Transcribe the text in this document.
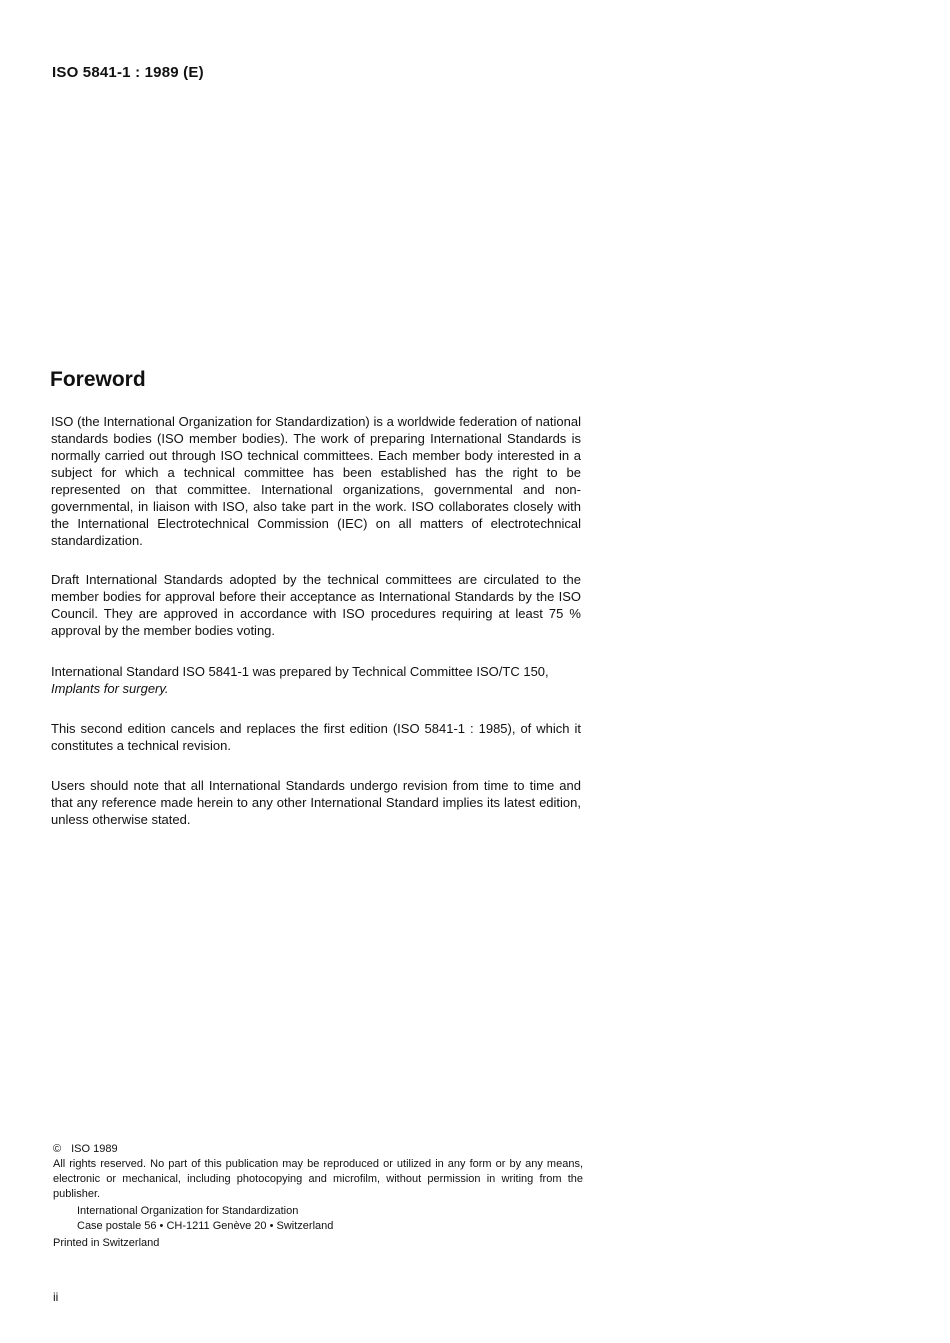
ISO 5841-1 : 1989 (E)
Foreword
ISO (the International Organization for Standardization) is a worldwide federation of national standards bodies (ISO member bodies). The work of preparing International Standards is normally carried out through ISO technical committees. Each member body interested in a subject for which a technical committee has been established has the right to be represented on that committee. International organizations, governmental and non-governmental, in liaison with ISO, also take part in the work. ISO collaborates closely with the International Electrotechnical Commission (IEC) on all matters of electrotechnical standardization.
Draft International Standards adopted by the technical committees are circulated to the member bodies for approval before their acceptance as International Standards by the ISO Council. They are approved in accordance with ISO procedures requiring at least 75 % approval by the member bodies voting.
International Standard ISO 5841-1 was prepared by Technical Committee ISO/TC 150,
Implants for surgery.
This second edition cancels and replaces the first edition (ISO 5841-1 : 1985), of which it constitutes a technical revision.
Users should note that all International Standards undergo revision from time to time and that any reference made herein to any other International Standard implies its latest edition, unless otherwise stated.
© ISO 1989
All rights reserved. No part of this publication may be reproduced or utilized in any form or by any means, electronic or mechanical, including photocopying and microfilm, without permission in writing from the publisher.
International Organization for Standardization
Case postale 56 • CH-1211 Genève 20 • Switzerland
Printed in Switzerland
ii
